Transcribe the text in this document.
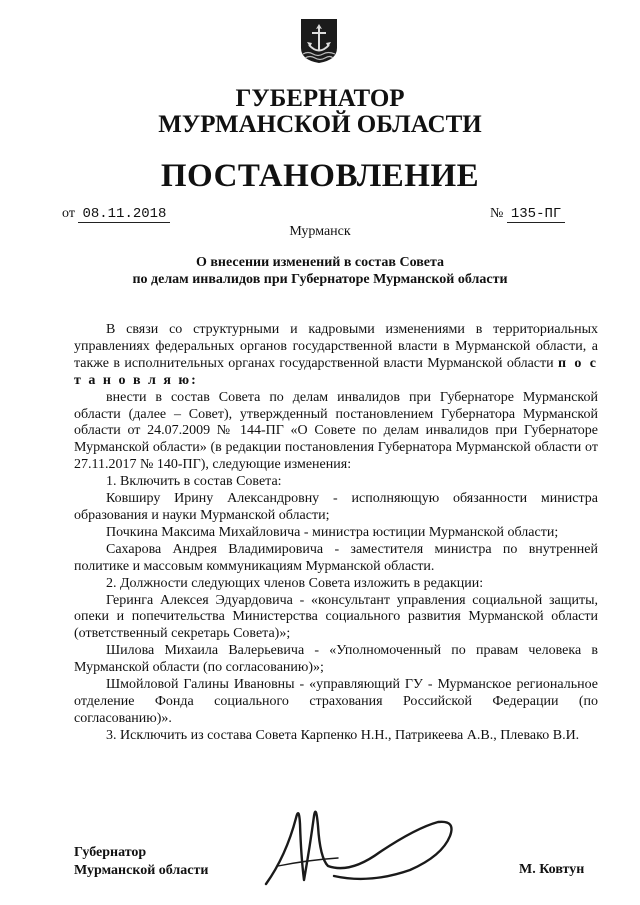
ГУБЕРНАТОР
МУРМАНСКОЙ ОБЛАСТИ
ПОСТАНОВЛЕНИЕ
от 08.11.2018	№ 135-ПГ
Мурманск
О внесении изменений в состав Совета
по делам инвалидов при Губернаторе Мурманской области

В связи со структурными и кадровыми изменениями в территориальных управлениях федеральных органов государственной власти в Мурманской области, а также в исполнительных органах государственной власти Мурманской области п о с т а н о в л я ю:

внести в состав Совета по делам инвалидов при Губернаторе Мурманской области (далее – Совет), утвержденный постановлением Губернатора Мурманской области от 24.07.2009 № 144-ПГ «О Совете по делам инвалидов при Губернаторе Мурманской области» (в редакции постановления Губернатора Мурманской области от 27.11.2017 № 140-ПГ), следующие изменения:

1. Включить в состав Совета:

Ковширу Ирину Александровну - исполняющую обязанности министра образования и науки Мурманской области;

Почкина Максима Михайловича - министра юстиции Мурманской области;

Сахарова Андрея Владимировича - заместителя министра по внутренней политике и массовым коммуникациям Мурманской области.

2. Должности следующих членов Совета изложить в редакции:

Геринга Алексея Эдуардовича - «консультант управления социальной защиты, опеки и попечительства Министерства социального развития Мурманской области (ответственный секретарь Совета)»;

Шилова Михаила Валерьевича - «Уполномоченный по правам человека в Мурманской области (по согласованию)»;

Шмойловой Галины Ивановны - «управляющий ГУ - Мурманское региональное отделение Фонда социального страхования Российской Федерации (по согласованию)».

3. Исключить из состава Совета Карпенко Н.Н., Патрикеева А.В., Плевако В.И.

Губернатор
Мурманской области	М. Ковтун
